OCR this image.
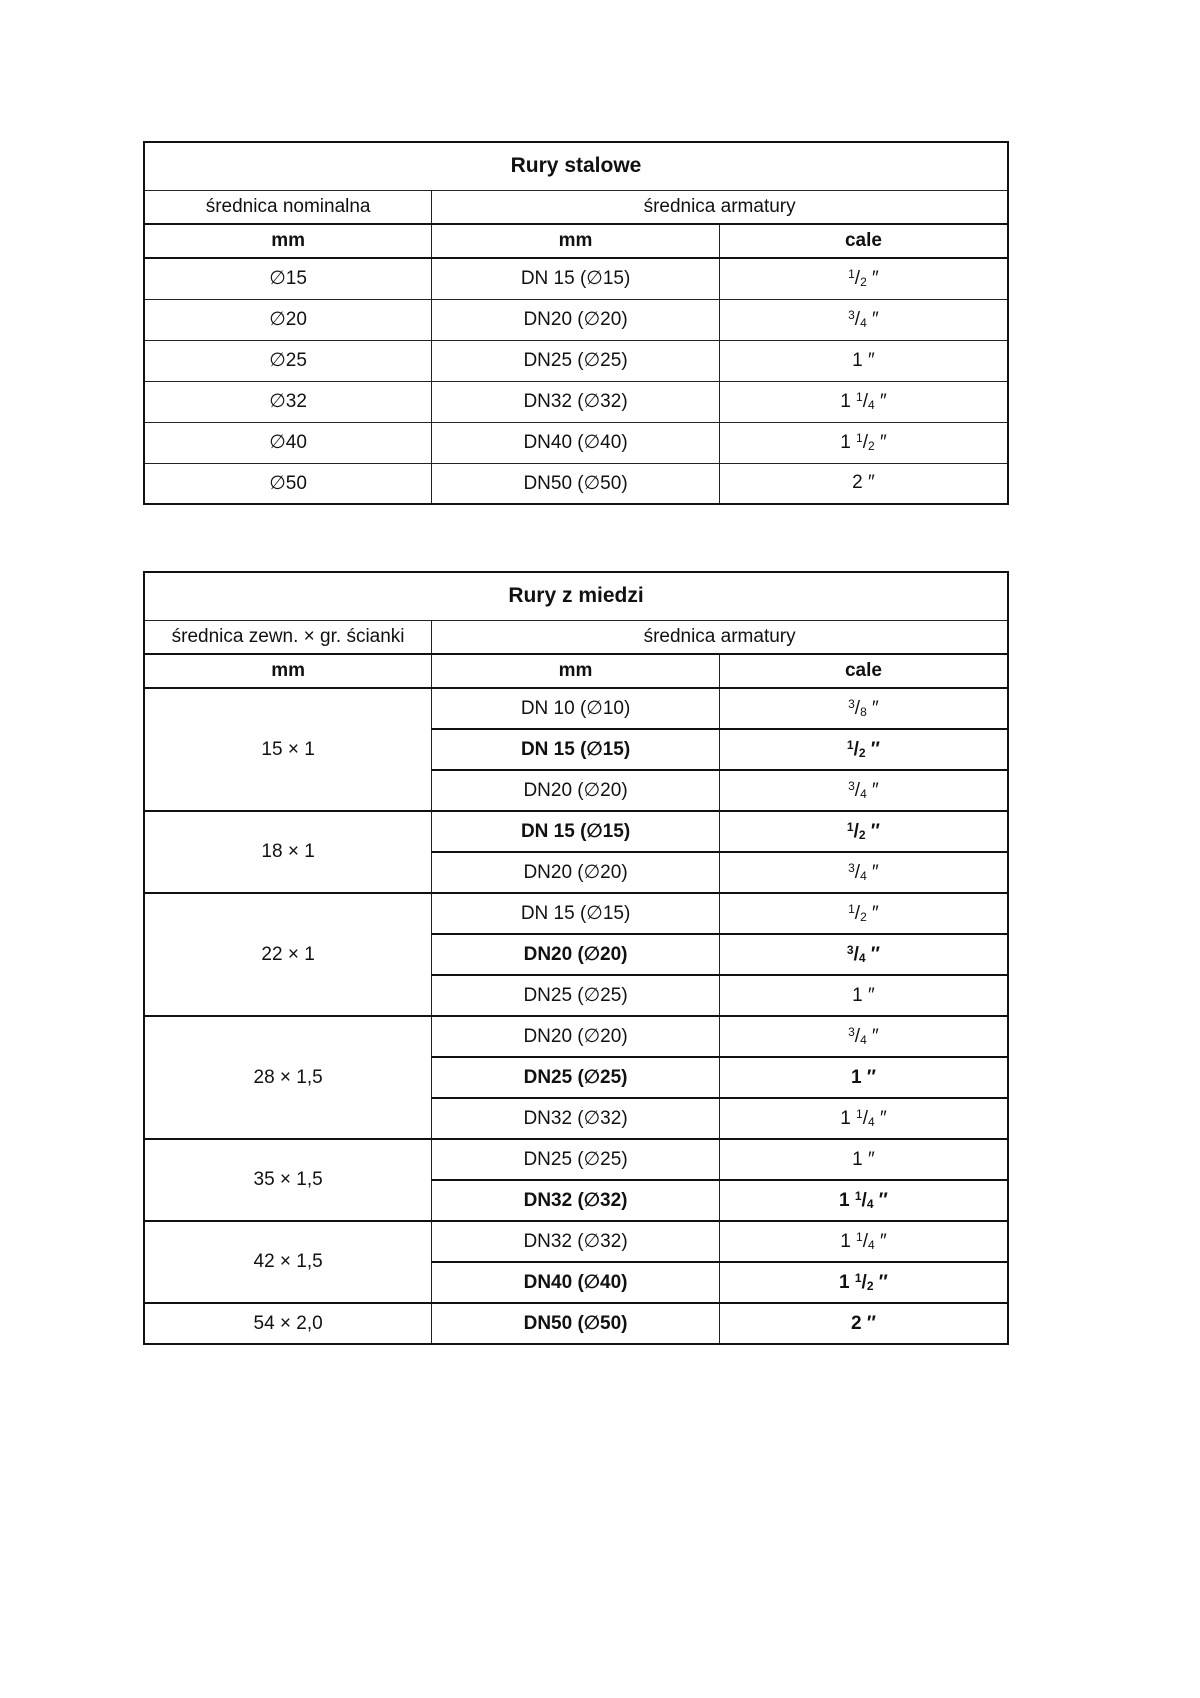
Rury stalowe		
średnica nominalna	średnica armatury	
mm	mm	cale
∅15	DN 15 (∅15)	$^1/_2$ ″
∅20	DN20 (∅20)	$^3/_4$ ″
∅25	DN25 (∅25)	1 ″
∅32	DN32 (∅32)	1 $^1/_4$ ″
∅40	DN40 (∅40)	1 $^1/_2$ ″
∅50	DN50 (∅50)	2 ″
Rury z miedzi		
średnica zewn. × gr. ścianki	średnica armatury	
mm	mm	cale
15 × 1	DN 10 (∅10)	$^3/_8$ ″
	DN 15 (∅15)	$^1/_2$ ″
	DN20 (∅20)	$^3/_4$ ″
18 × 1	DN 15 (∅15)	$^1/_2$ ″
	DN20 (∅20)	$^3/_4$ ″
22 × 1	DN 15 (∅15)	$^1/_2$ ″
	DN20 (∅20)	$^3/_4$ ″
	DN25 (∅25)	1 ″
28 × 1,5	DN20 (∅20)	$^3/_4$ ″
	DN25 (∅25)	1 ″
	DN32 (∅32)	1 $^1/_4$ ″
35 × 1,5	DN25 (∅25)	1 ″
	DN32 (∅32)	1 $^1/_4$ ″
42 × 1,5	DN32 (∅32)	1 $^1/_4$ ″
	DN40 (∅40)	1 $^1/_2$ ″
54 × 2,0	DN50 (∅50)	2 ″
